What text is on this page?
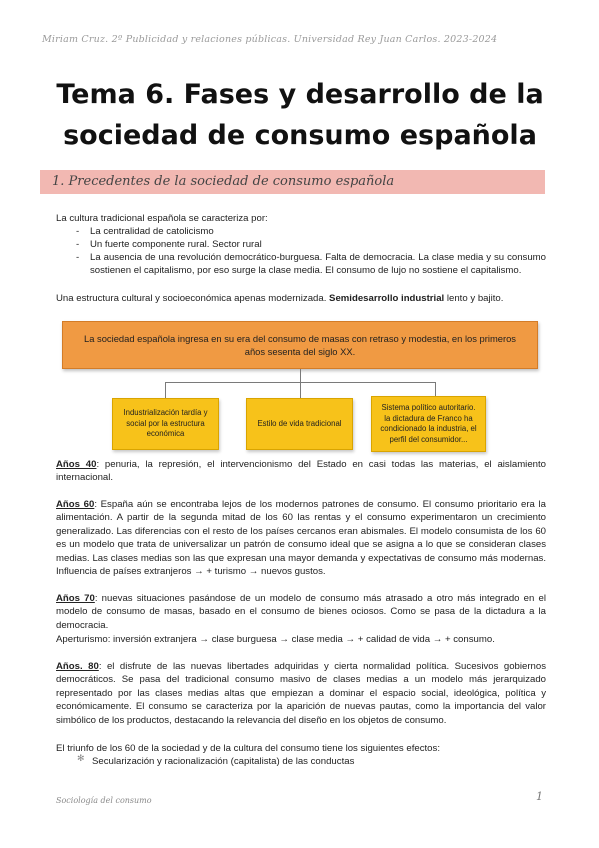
Miriam Cruz. 2º Publicidad y relaciones públicas. Universidad Rey Juan Carlos. 2023-2024
Tema 6. Fases y desarrollo de la sociedad de consumo española
1. Precedentes de la sociedad de consumo española
La cultura tradicional española se caracteriza por:
- La centralidad de catolicismo
- Un fuerte componente rural. Sector rural
- La ausencia de una revolución democrático-burguesa. Falta de democracia. La clase media y su consumo sostienen el capitalismo, por eso surge la clase media. El consumo de lujo no sostiene el capitalismo.
Una estructura cultural y socioeconómica apenas modernizada. Semidesarrollo industrial lento y bajito.
La sociedad española ingresa en su era del consumo de masas con retraso y modestia, en los primeros años sesenta del siglo XX.
Industrialización tardía y social por la estructura económica
Estilo de vida tradicional
Sistema político autoritario. la dictadura de Franco ha condicionado la industria, el perfil del consumidor...
Años 40: penuria, la represión, el intervencionismo del Estado en casi todas las materias, el aislamiento internacional.
Años 60: España aún se encontraba lejos de los modernos patrones de consumo. El consumo prioritario era la alimentación. A partir de la segunda mitad de los 60 las rentas y el consumo experimentaron un crecimiento generalizado. Las diferencias con el resto de los países cercanos eran abismales. El modelo consumista de los 60 es un modelo que trata de universalizar un patrón de consumo ideal que se asigna a lo que se consideran clases medias. Las clases medias son las que expresan una mayor demanda y expectativas de consumo más modernas. Influencia de países extranjeros → + turismo → nuevos gustos.
Años 70: nuevas situaciones pasándose de un modelo de consumo más atrasado a otro más integrado en el modelo de consumo de masas, basado en el consumo de bienes ociosos. Como se pasa de la dictadura a la democracia.
Aperturismo: inversión extranjera → clase burguesa → clase media → + calidad de vida → + consumo.
Años. 80: el disfrute de las nuevas libertades adquiridas y cierta normalidad política. Sucesivos gobiernos democráticos. Se pasa del tradicional consumo masivo de clases medias a un modelo más jerarquizado representado por las clases medias altas que empiezan a dominar el espacio social, ideológica, política y económicamente. El consumo se caracteriza por la aparición de nuevas pautas, como la importancia del valor simbólico de los productos, destacando la relevancia del diseño en los objetos de consumo.
El triunfo de los 60 de la sociedad y de la cultura del consumo tiene los siguientes efectos:
✻ Secularización y racionalización (capitalista) de las conductas
Sociología del consumo	1
